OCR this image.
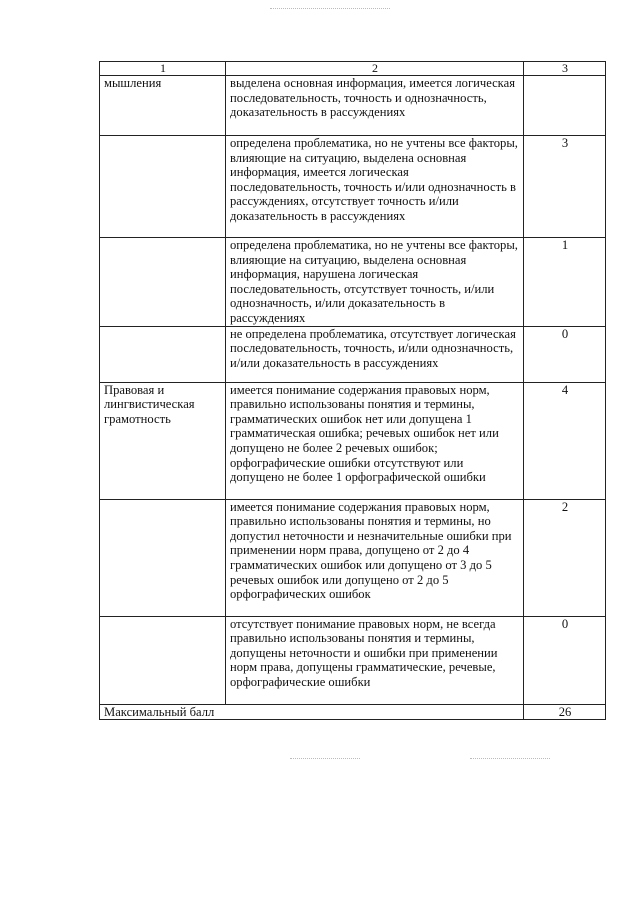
1	2	3
мышления	выделена основная информация, имеется логическая последовательность, точность и однозначность, доказательность в рассуждениях	
	определена проблематика, но не учтены все факторы, влияющие на ситуацию, выделена основная информация, имеется логическая последовательность, точность и/или однозначность в рассуждениях, отсутствует точность и/или доказательность в рассуждениях	3
	определена проблематика, но не учтены все факторы, влияющие на ситуацию, выделена основная информация, нарушена логическая последовательность, отсутствует точность, и/или однозначность, и/или доказательность в рассуждениях	1
	не определена проблематика, отсутствует логическая последовательность, точность, и/или однозначность, и/или доказательность в рассуждениях	0
Правовая и лингвистическая грамотность	имеется понимание содержания правовых норм, правильно использованы понятия и термины, грамматических ошибок нет или допущена 1 грамматическая ошибка; речевых ошибок нет или допущено не более 2 речевых ошибок; орфографические ошибки отсутствуют или допущено не более 1 орфографической ошибки	4
	имеется понимание содержания правовых норм, правильно использованы понятия и термины, но допустил неточности и незначительные ошибки при применении норм права, допущено от 2 до 4 грамматических ошибок или допущено от 3 до 5 речевых ошибок или допущено от 2 до 5 орфографических ошибок	2
	отсутствует понимание правовых норм, не всегда правильно использованы понятия и термины, допущены неточности и ошибки при применении норм права, допущены грамматические, речевые, орфографические ошибки	0
Максимальный балл		26
